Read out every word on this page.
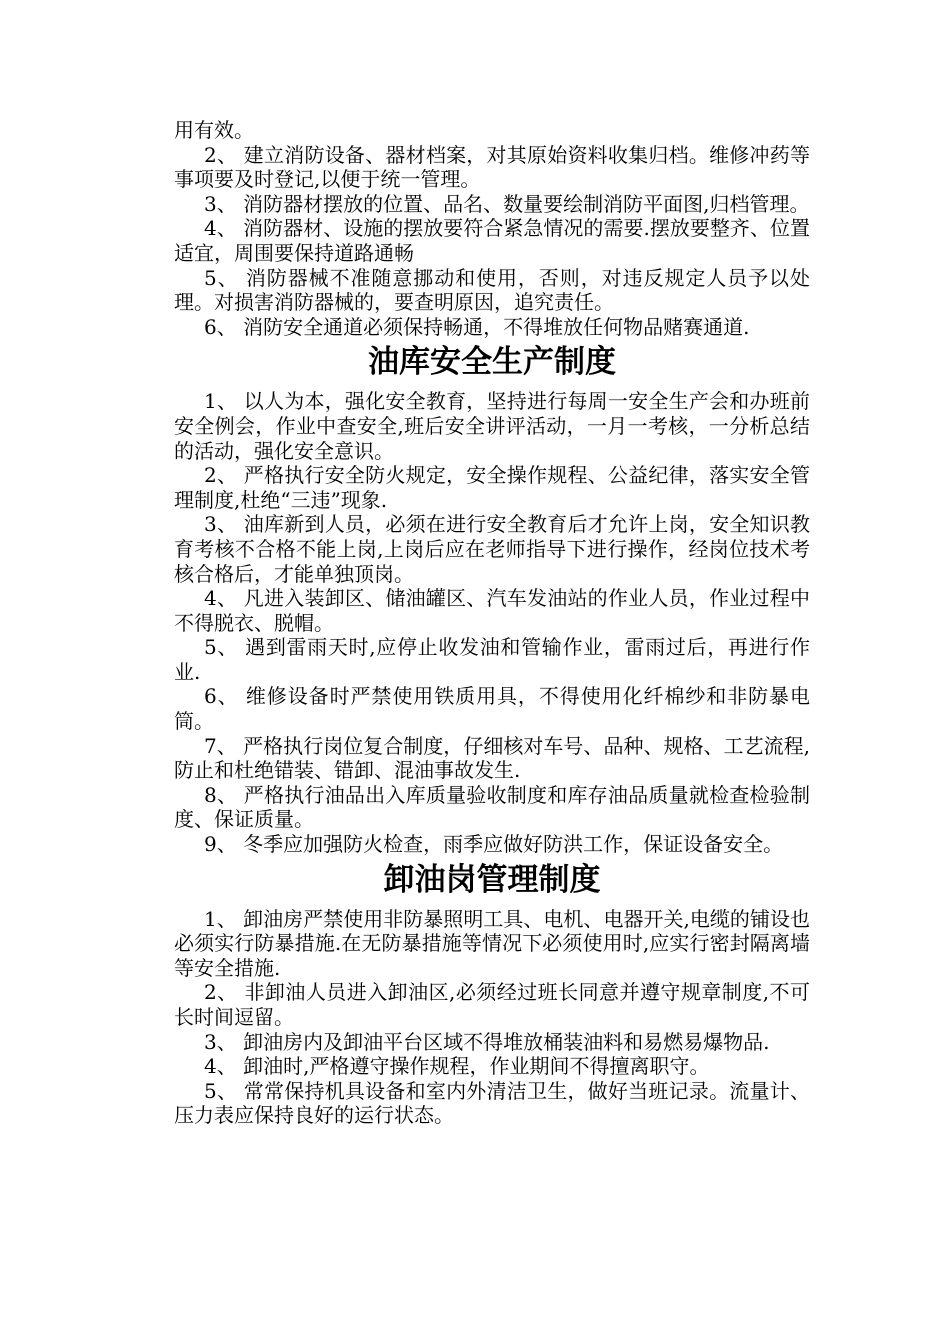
用有效。

2、 建立消防设备、器材档案，对其原始资料收集归档。维修冲药等事项要及时登记,以便于统一管理。

3、 消防器材摆放的位置、品名、数量要绘制消防平面图,归档管理。

4、 消防器材、设施的摆放要符合紧急情况的需要.摆放要整齐、位置适宜，周围要保持道路通畅

5、 消防器械不准随意挪动和使用，否则，对违反规定人员予以处理。对损害消防器械的，要查明原因，追究责任。

6、 消防安全通道必须保持畅通，不得堆放任何物品赌赛通道.

油库安全生产制度

1、 以人为本，强化安全教育，坚持进行每周一安全生产会和办班前安全例会，作业中查安全,班后安全讲评活动，一月一考核，一分析总结的活动，强化安全意识。

2、 严格执行安全防火规定，安全操作规程、公益纪律，落实安全管理制度,杜绝“三违”现象.

3、 油库新到人员，必须在进行安全教育后才允许上岗，安全知识教育考核不合格不能上岗,上岗后应在老师指导下进行操作，经岗位技术考核合格后，才能单独顶岗。

4、 凡进入装卸区、储油罐区、汽车发油站的作业人员，作业过程中不得脱衣、脱帽。

5、 遇到雷雨天时,应停止收发油和管输作业，雷雨过后，再进行作业.

6、 维修设备时严禁使用铁质用具，不得使用化纤棉纱和非防暴电筒。

7、 严格执行岗位复合制度，仔细核对车号、品种、规格、工艺流程,防止和杜绝错装、错卸、混油事故发生.

8、 严格执行油品出入库质量验收制度和库存油品质量就检查检验制度、保证质量。

9、 冬季应加强防火检查，雨季应做好防洪工作，保证设备安全。

卸油岗管理制度

1、 卸油房严禁使用非防暴照明工具、电机、电器开关,电缆的铺设也必须实行防暴措施.在无防暴措施等情况下必须使用时,应实行密封隔离墙等安全措施.

2、 非卸油人员进入卸油区,必须经过班长同意并遵守规章制度,不可长时间逗留。

3、 卸油房内及卸油平台区域不得堆放桶装油料和易燃易爆物品.

4、 卸油时,严格遵守操作规程，作业期间不得擅离职守。

5、 常常保持机具设备和室内外清洁卫生，做好当班记录。流量计、压力表应保持良好的运行状态。
